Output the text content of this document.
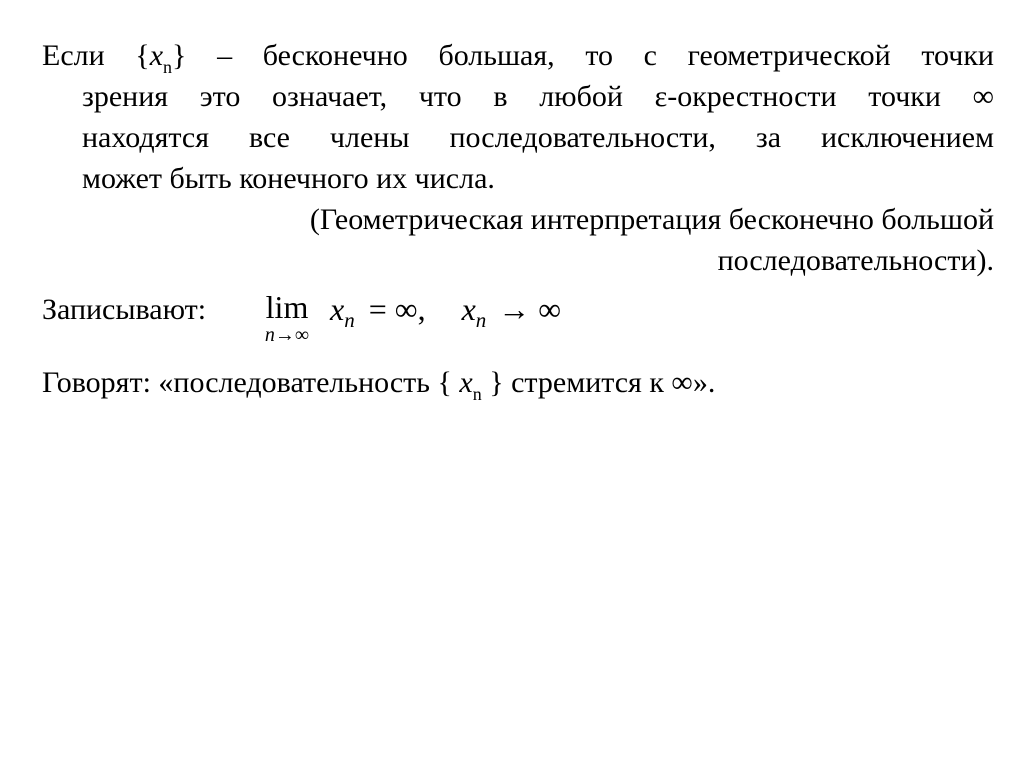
Если $\{x_n\}$ – бесконечно большая, то с геометрической точки
зрения это означает, что в любой ε-окрестности точки ∞
находятся все члены последовательности, за исключением
может быть конечного их числа.
(Геометрическая интерпретация бесконечно большой
последовательности).
Записывают:	lim
n→∞
$x_n$ = ∞, $x_n$ → ∞
Говорят: «последовательность { $x_n$ } стремится к ∞».
